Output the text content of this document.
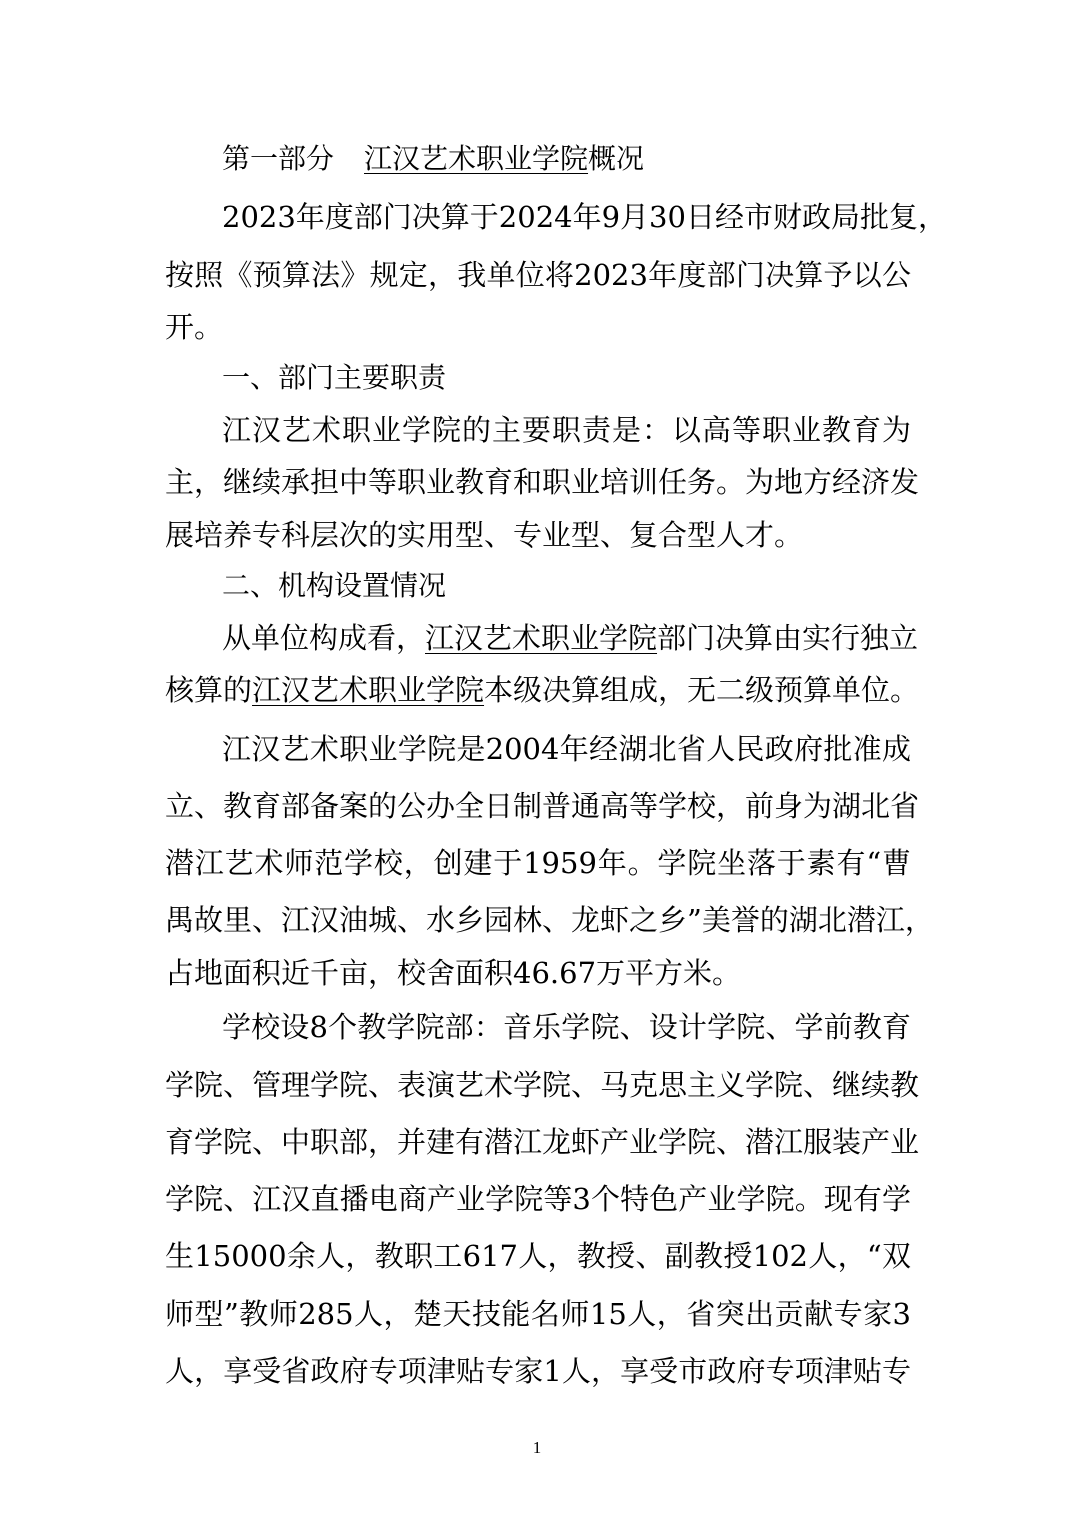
第一部分 江汉艺术职业学院概况
2023年度部门决算于2024年9月30日经市财政局批复，
按照《预算法》规定，我单位将2023年度部门决算予以公
开。
一、部门主要职责
江汉艺术职业学院的主要职责是：以高等职业教育为
主，继续承担中等职业教育和职业培训任务。为地方经济发
展培养专科层次的实用型、专业型、复合型人才。
二、机构设置情况
从单位构成看，江汉艺术职业学院部门决算由实行独立
核算的江汉艺术职业学院本级决算组成，无二级预算单位。
江汉艺术职业学院是2004年经湖北省人民政府批准成
立、教育部备案的公办全日制普通高等学校，前身为湖北省
潜江艺术师范学校，创建于1959年。学院坐落于素有“曹
禺故里、江汉油城、水乡园林、龙虾之乡”美誉的湖北潜江，
占地面积近千亩，校舍面积46.67万平方米。
学校设8个教学院部：音乐学院、设计学院、学前教育
学院、管理学院、表演艺术学院、马克思主义学院、继续教
育学院、中职部，并建有潜江龙虾产业学院、潜江服装产业
学院、江汉直播电商产业学院等3个特色产业学院。现有学
生15000余人，教职工617人，教授、副教授102人，“双
师型”教师285人，楚天技能名师15人，省突出贡献专家3
人，享受省政府专项津贴专家1人，享受市政府专项津贴专
1
